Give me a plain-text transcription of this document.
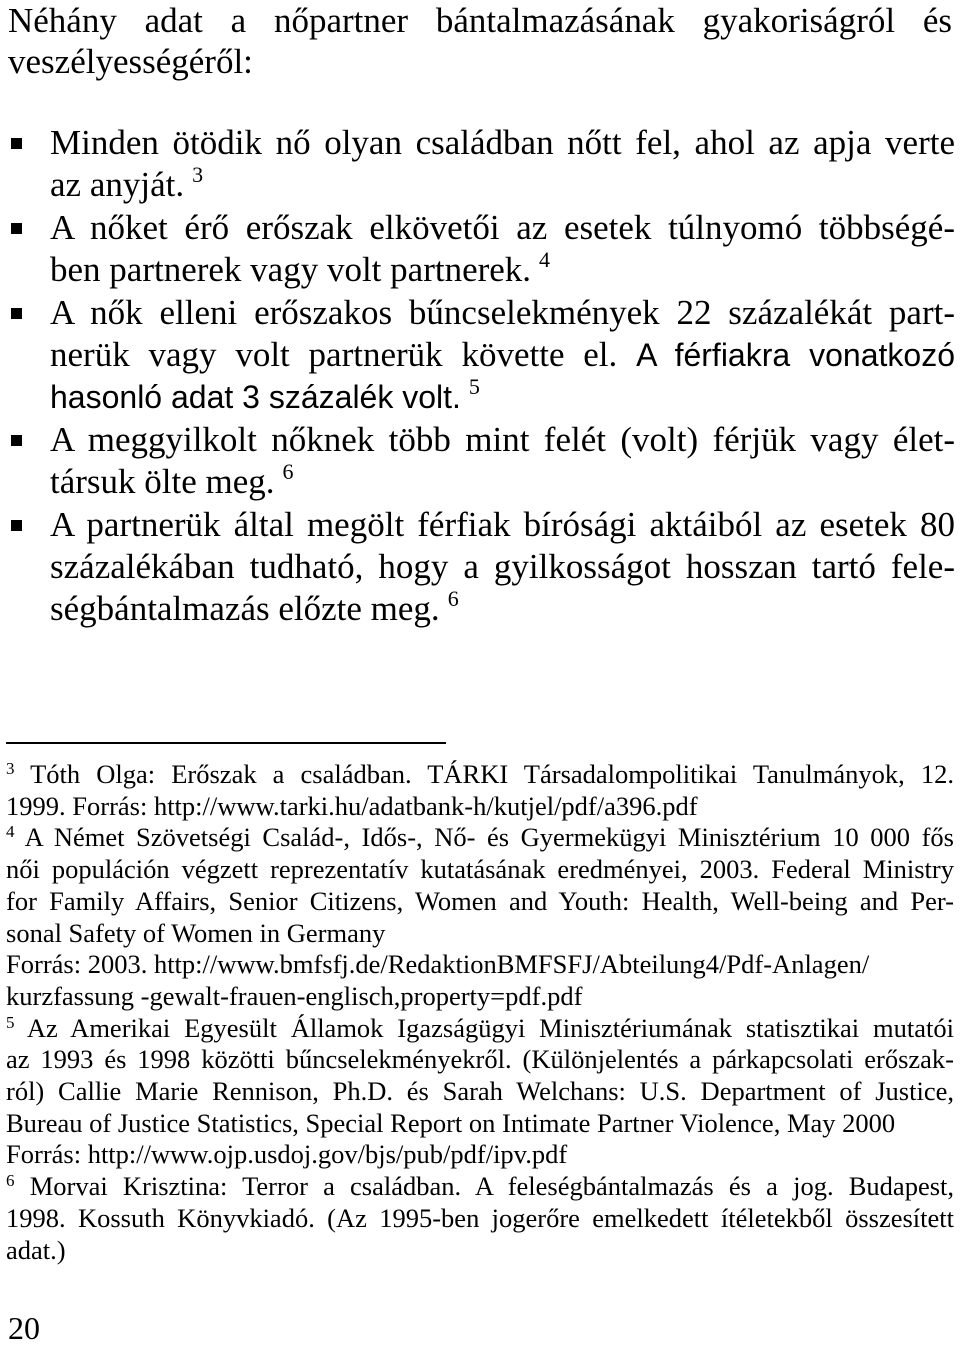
Néhány adat a nőpartner bántalmazásának gyakoriságról és
veszélyességéről:
Minden ötödik nő olyan családban nőtt fel, ahol az apja verte
az anyját. $^3$
A nőket érő erőszak elkövetői az esetek túlnyomó többségé-
ben partnerek vagy volt partnerek. $^4$
A nők elleni erőszakos bűncselekmények 22 százalékát part-
nerük vagy volt partnerük követte el. A férfiakra vonatkozó
hasonló adat 3 százalék volt. $^5$
A meggyilkolt nőknek több mint felét (volt) férjük vagy élet-
társuk ölte meg. $^6$
A partnerük által megölt férfiak bírósági aktáiból az esetek 80
százalékában tudható, hogy a gyilkosságot hosszan tartó fele-
ségbántalmazás előzte meg. $^6$
$^3$ Tóth Olga: Erőszak a családban. TÁRKI Társadalompolitikai Tanulmányok, 12.
1999. Forrás: http://www.tarki.hu/adatbank-h/kutjel/pdf/a396.pdf
$^4$ A Német Szövetségi Család-, Idős-, Nő- és Gyermekügyi Minisztérium 10 000 fős
női populáción végzett reprezentatív kutatásának eredményei, 2003. Federal Ministry
for Family Affairs, Senior Citizens, Women and Youth: Health, Well-being and Per-
sonal Safety of Women in Germany
Forrás: 2003. http://www.bmfsfj.de/RedaktionBMFSFJ/Abteilung4/Pdf-Anlagen/
kurzfassung -gewalt-frauen-englisch,property=pdf.pdf
$^5$ Az Amerikai Egyesült Államok Igazságügyi Minisztériumának statisztikai mutatói
az 1993 és 1998 közötti bűncselekményekről. (Különjelentés a párkapcsolati erőszak-
ról) Callie Marie Rennison, Ph.D. és Sarah Welchans: U.S. Department of Justice,
Bureau of Justice Statistics, Special Report on Intimate Partner Violence, May 2000
Forrás: http://www.ojp.usdoj.gov/bjs/pub/pdf/ipv.pdf
$^6$ Morvai Krisztina: Terror a családban. A feleségbántalmazás és a jog. Budapest,
1998. Kossuth Könyvkiadó. (Az 1995-ben jogerőre emelkedett ítéletekből összesített
adat.)
20
